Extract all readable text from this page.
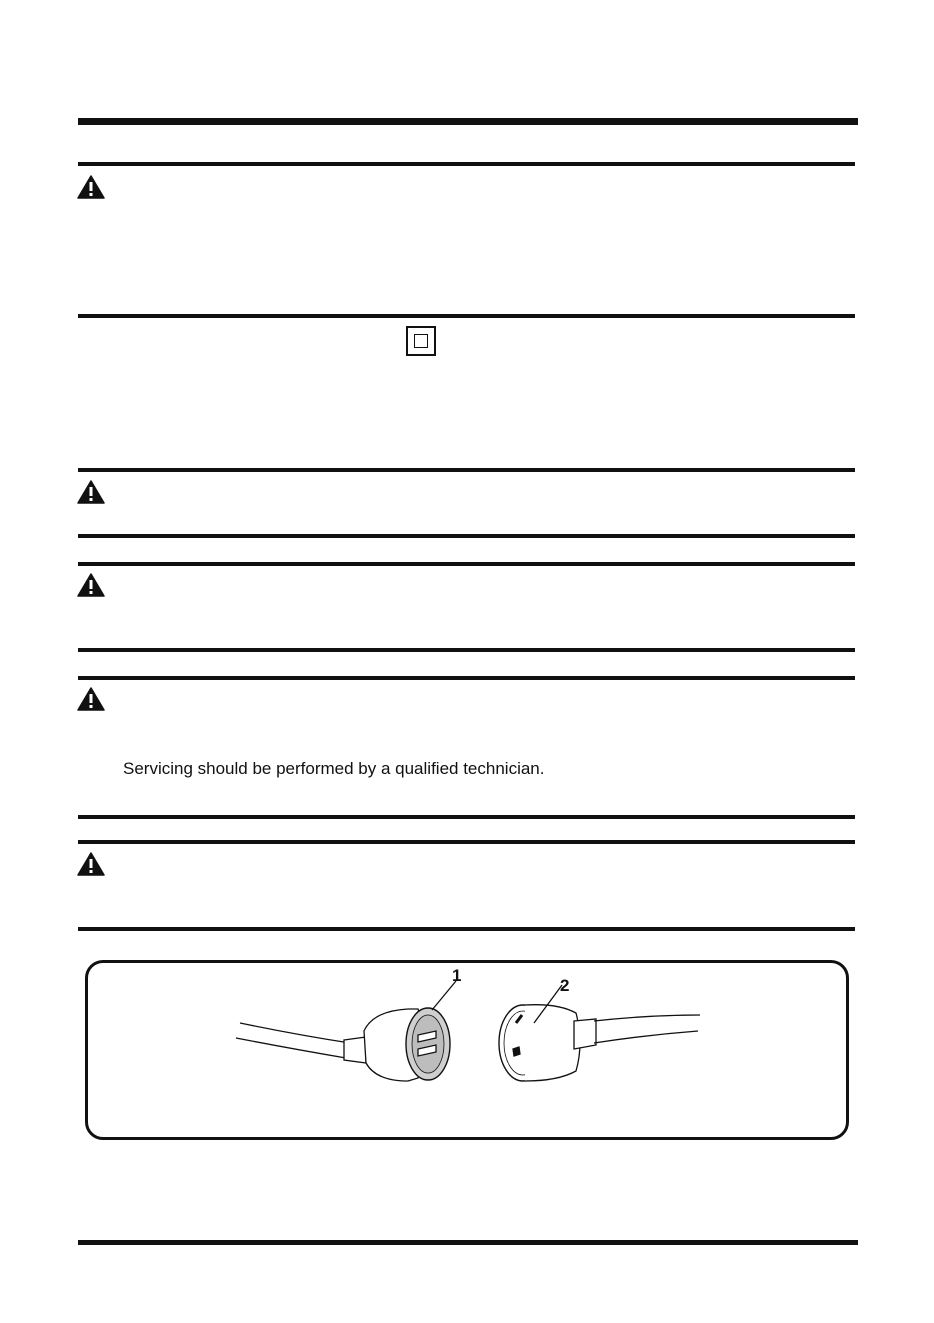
Servicing should be performed by a qualified technician.
1
2
